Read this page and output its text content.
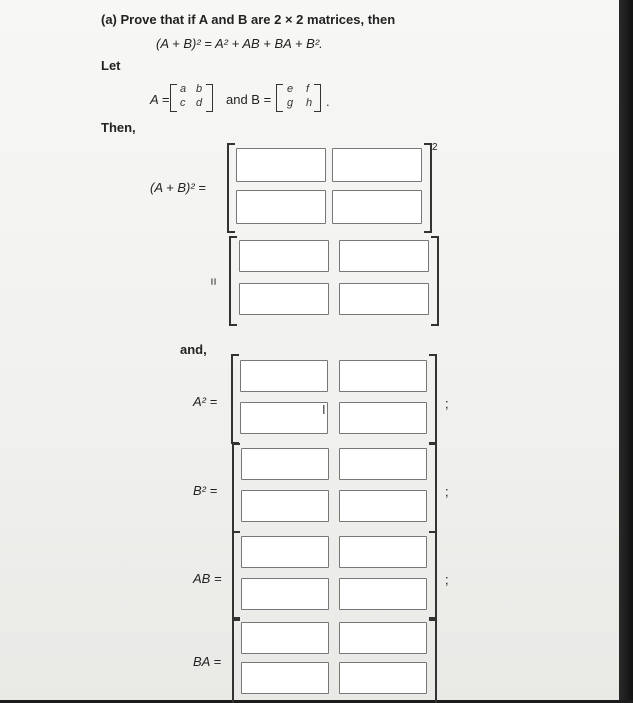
(a) Prove that if A and B are 2 × 2 matrices, then
(A + B)² = A² + AB + BA + B².
Let
A =
a b
c d and B =
e f
g h .
Then,
(A + B)² =
2
=
and,
A² =	;
I
B² =	;
AB =	;
BA =
